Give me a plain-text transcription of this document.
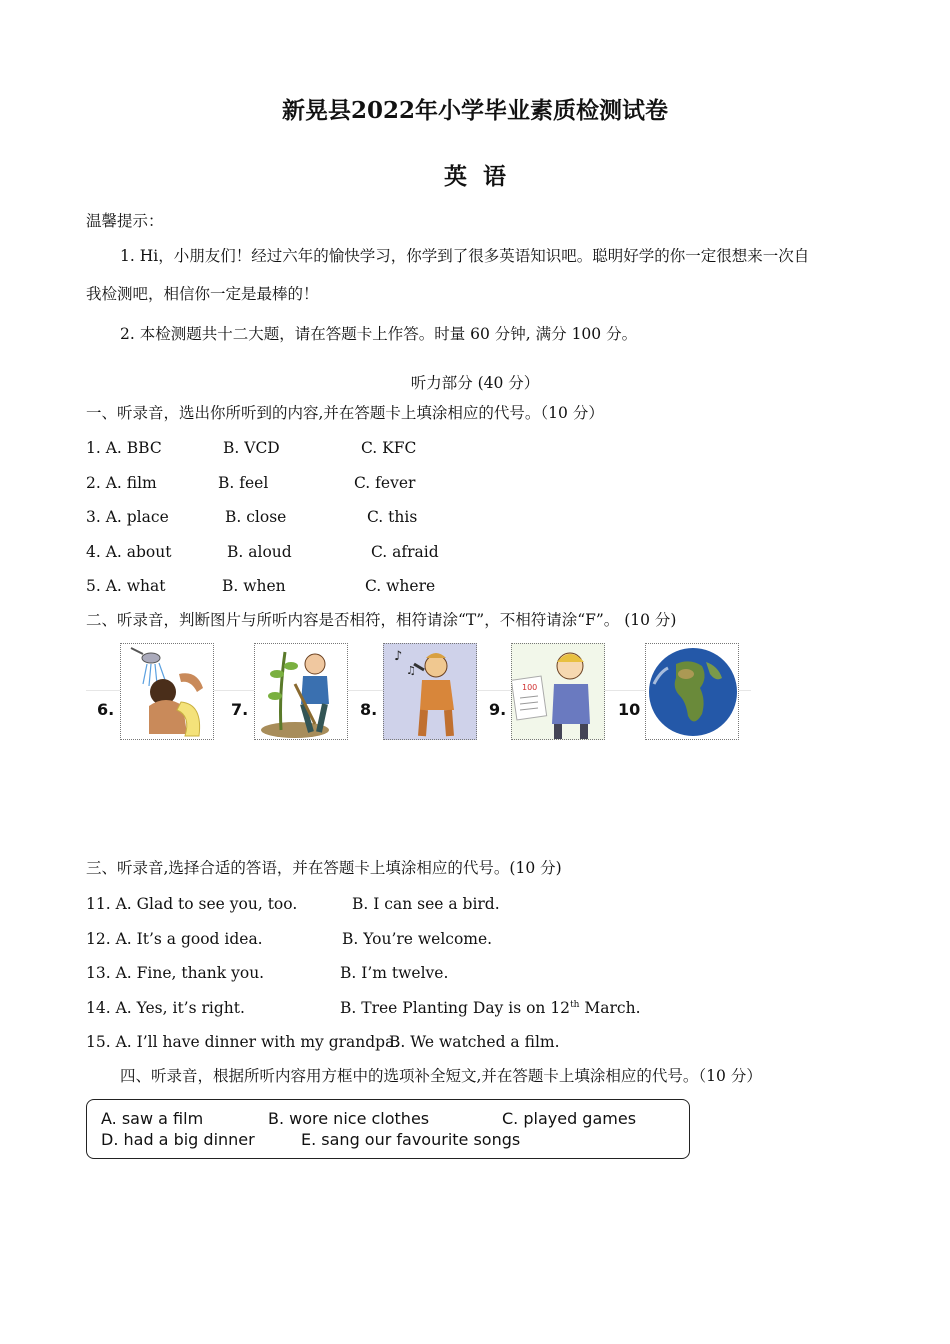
新晃县2022年小学毕业素质检测试卷
英  语
温馨提示：
1. Hi，小朋友们！经过六年的愉快学习，你学到了很多英语知识吧。聪明好学的你一定很想来一次自
我检测吧，相信你一定是最棒的！
2. 本检测题共十二大题，请在答题卡上作答。时量 60 分钟, 满分 100 分。
听力部分 (40 分）
一、听录音，选出你所听到的内容,并在答题卡上填涂相应的代号。（10 分）
1. A. BBC	B. VCD	C. KFC
2. A. film	B. feel	C. fever
3. A. place	B. close	C. this
4. A. about	B. aloud	C. afraid
5. A. what	B. when	C. where
二、听录音，判断图片与所听内容是否相符，相符请涂“T”，不相符请涂“F”。 (10 分)
6.	7.	8.
♪
♫
9.
100
10
三、听录音,选择合适的答语，并在答题卡上填涂相应的代号。(10 分)
11. A. Glad to see you, too.	B. I can see a bird.
12. A. It’s a good idea.	B. You’re welcome.
13. A. Fine, thank you.	B. I’m twelve.
14. A. Yes, it’s right.	B. Tree Planting Day is on 12th March.
15. A. I’ll have dinner with my grandpa.
B. We watched a film.
四、听录音，根据所听内容用方框中的选项补全短文,并在答题卡上填涂相应的代号。（10 分）
A. saw a film	B. wore nice clothes	C. played games
D. had a big dinner	E. sang our favourite songs
